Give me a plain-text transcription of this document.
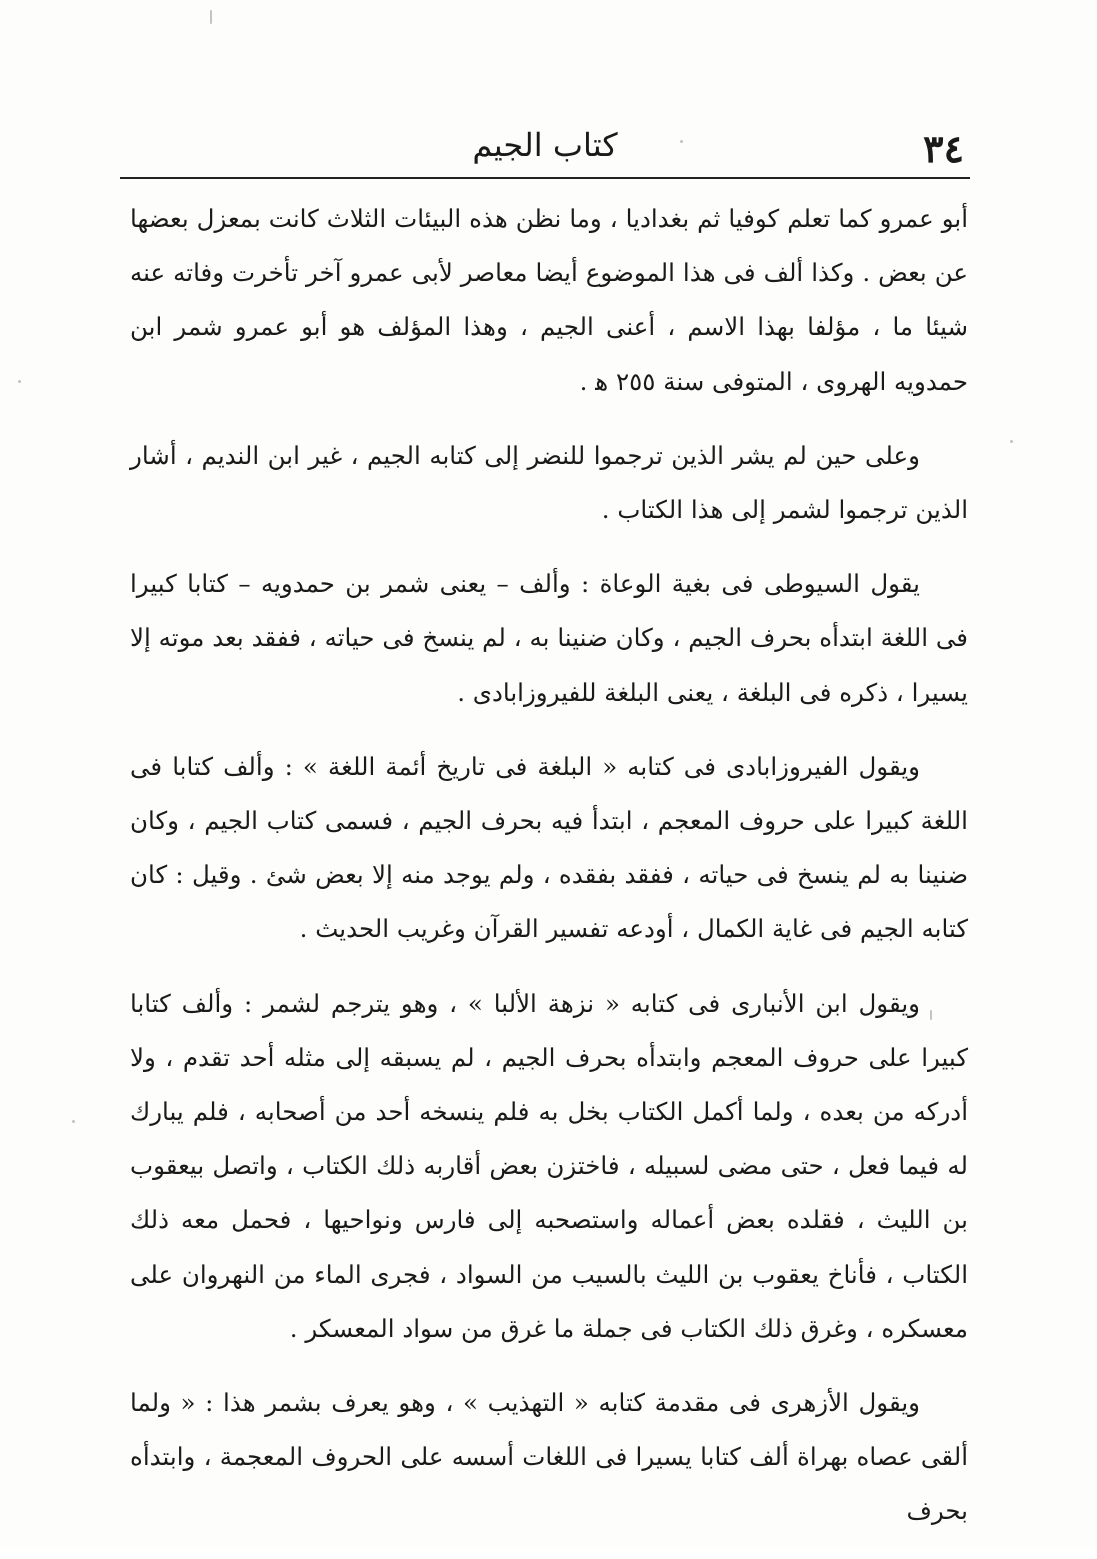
٣٤
كتاب الجيم

أبو عمرو كما تعلم كوفيا ثم بغداديا ، وما نظن هذه البيئات الثلاث كانت بمعزل بعضها عن بعض . وكذا ألف فى هذا الموضوع أيضا معاصر لأبى عمرو آخر تأخرت وفاته عنه شيئا ما ، مؤلفا بهذا الاسم ، أعنى الجيم ، وهذا المؤلف هو أبو عمرو شمر ابن حمدويه الهروى ، المتوفى سنة ٢٥٥ ﻫ .

وعلى حين لم يشر الذين ترجموا للنضر إلى كتابه الجيم ، غير ابن النديم ، أشار الذين ترجموا لشمر إلى هذا الكتاب .

يقول السيوطى فى بغية الوعاة : وألف – يعنى شمر بن حمدويه – كتابا كبيرا فى اللغة ابتدأه بحرف الجيم ، وكان ضنينا به ، لم ينسخ فى حياته ، ففقد بعد موته إلا يسيرا ، ذكره فى البلغة ، يعنى البلغة للفيروزابادى .

ويقول الفيروزابادى فى كتابه « البلغة فى تاريخ أئمة اللغة » : وألف كتابا فى اللغة كبيرا على حروف المعجم ، ابتدأ فيه بحرف الجيم ، فسمى كتاب الجيم ، وكان ضنينا به لم ينسخ فى حياته ، ففقد بفقده ، ولم يوجد منه إلا بعض شئ . وقيل : كان كتابه الجيم فى غاية الكمال ، أودعه تفسير القرآن وغريب الحديث .

ويقول ابن الأنبارى فى كتابه « نزهة الألبا » ، وهو يترجم لشمر : وألف كتابا كبيرا على حروف المعجم وابتدأه بحرف الجيم ، لم يسبقه إلى مثله أحد تقدم ، ولا أدركه من بعده ، ولما أكمل الكتاب بخل به فلم ينسخه أحد من أصحابه ، فلم يبارك له فيما فعل ، حتى مضى لسبيله ، فاختزن بعض أقاربه ذلك الكتاب ، واتصل بيعقوب بن الليث ، فقلده بعض أعماله واستصحبه إلى فارس ونواحيها ، فحمل معه ذلك الكتاب ، فأناخ يعقوب بن الليث بالسيب من السواد ، فجرى الماء من النهروان على معسكره ، وغرق ذلك الكتاب فى جملة ما غرق من سواد المعسكر .

ويقول الأزهرى فى مقدمة كتابه « التهذيب » ، وهو يعرف بشمر هذا : « ولما ألقى عصاه بهراة ألف كتابا يسيرا فى اللغات أسسه على الحروف المعجمة ، وابتدأه بحرف
